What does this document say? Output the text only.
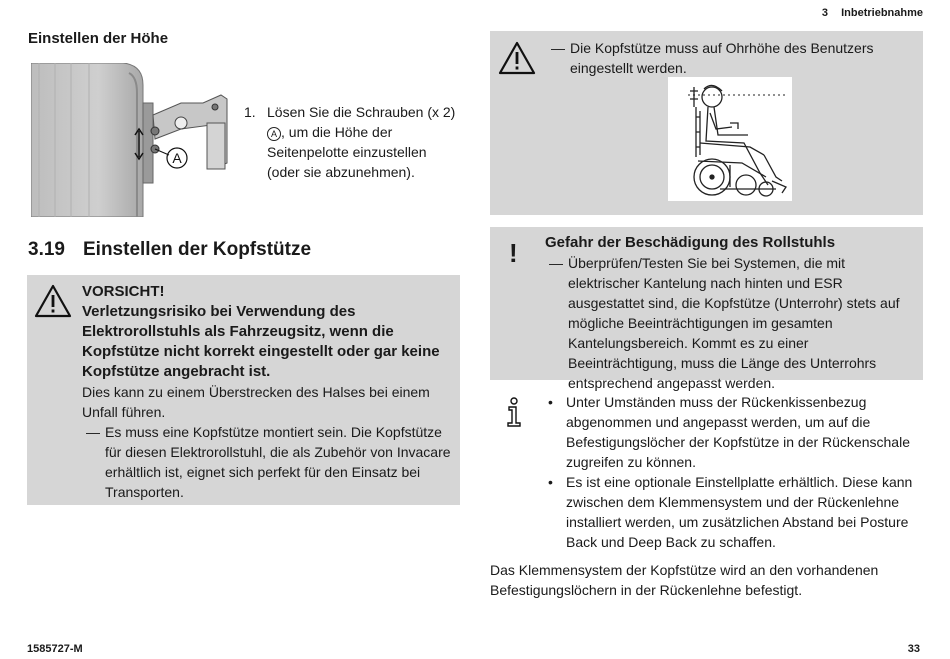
3 Inbetriebnahme
Einstellen der Höhe
A
1. Lösen Sie die Schrauben (x 2)
A , um die Höhe der Seitenpelotte einzustellen (oder sie abzunehmen).
3.19 Einstellen der Kopfstütze
VORSICHT!
Verletzungsrisiko bei Verwendung des Elektrorollstuhls als Fahrzeugsitz, wenn die Kopfstütze nicht korrekt eingestellt oder gar keine Kopfstütze angebracht ist.
Dies kann zu einem Überstrecken des Halses bei einem Unfall führen.
— Es muss eine Kopfstütze montiert sein. Die Kopfstütze für diesen Elektrorollstuhl, die als Zubehör von Invacare erhältlich ist, eignet sich perfekt für den Einsatz bei Transporten.
— Die Kopfstütze muss auf Ohrhöhe des Benutzers eingestellt werden.
! Gefahr der Beschädigung des Rollstuhls
— Überprüfen/Testen Sie bei Systemen, die mit elektrischer Kantelung nach hinten und ESR ausgestattet sind, die Kopfstütze (Unterrohr) stets auf mögliche Beeinträchtigungen im gesamten Kantelungsbereich. Kommt es zu einer Beeinträchtigung, muss die Länge des Unterrohrs entsprechend angepasst werden.
• Unter Umständen muss der Rückenkissenbezug abgenommen und angepasst werden, um auf die Befestigungslöcher der Kopfstütze in der Rückenschale zugreifen zu können.
• Es ist eine optionale Einstellplatte erhältlich. Diese kann zwischen dem Klemmensystem und der Rückenlehne installiert werden, um zusätzlichen Abstand bei Posture Back und Deep Back zu schaffen.
Das Klemmensystem der Kopfstütze wird an den vorhandenen Befestigungslöchern in der Rückenlehne befestigt.
1585727-M	33
